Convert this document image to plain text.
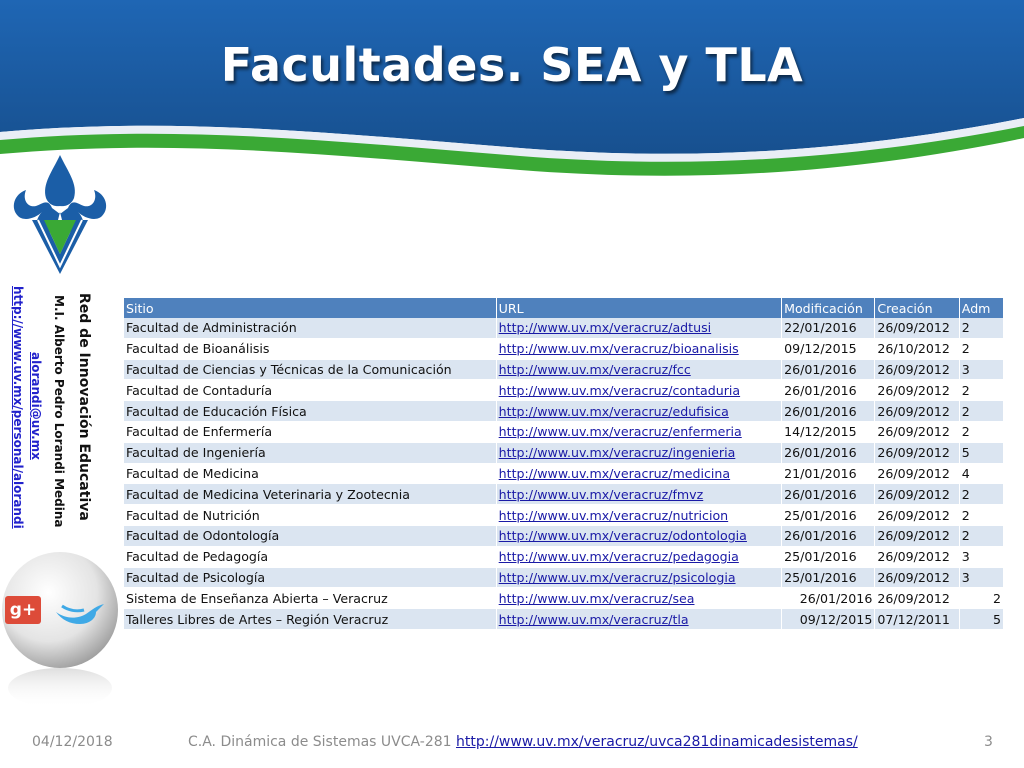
Facultades. SEA y TLA
Red de Innovación Educativa
M.I. Alberto Pedro Lorandi Medina
alorandi@uv.mx
http://www.uv.mx/personal/alorandi
g+
Sitio	URL	Modificación	Creación	Adm
Facultad de Administración	http://www.uv.mx/veracruz/adtusi	22/01/2016	26/09/2012	2
Facultad de Bioanálisis	http://www.uv.mx/veracruz/bioanalisis	09/12/2015	26/10/2012	2
Facultad de Ciencias y Técnicas de la Comunicación	http://www.uv.mx/veracruz/fcc	26/01/2016	26/09/2012	3
Facultad de Contaduría	http://www.uv.mx/veracruz/contaduria	26/01/2016	26/09/2012	2
Facultad de Educación Física	http://www.uv.mx/veracruz/edufisica	26/01/2016	26/09/2012	2
Facultad de Enfermería	http://www.uv.mx/veracruz/enfermeria	14/12/2015	26/09/2012	2
Facultad de Ingeniería	http://www.uv.mx/veracruz/ingenieria	26/01/2016	26/09/2012	5
Facultad de Medicina	http://www.uv.mx/veracruz/medicina	21/01/2016	26/09/2012	4
Facultad de Medicina Veterinaria y Zootecnia	http://www.uv.mx/veracruz/fmvz	26/01/2016	26/09/2012	2
Facultad de Nutrición	http://www.uv.mx/veracruz/nutricion	25/01/2016	26/09/2012	2
Facultad de Odontología	http://www.uv.mx/veracruz/odontologia	26/01/2016	26/09/2012	2
Facultad de Pedagogía	http://www.uv.mx/veracruz/pedagogia	25/01/2016	26/09/2012	3
Facultad de Psicología	http://www.uv.mx/veracruz/psicologia	25/01/2016	26/09/2012	3
Sistema de Enseñanza Abierta – Veracruz	http://www.uv.mx/veracruz/sea	26/01/2016	26/09/2012	2
Talleres Libres de Artes – Región Veracruz	http://www.uv.mx/veracruz/tla	09/12/2015	07/12/2011	5
04/12/2018	C.A. Dinámica de Sistemas UVCA-281 http://www.uv.mx/veracruz/uvca281dinamicadesistemas/	3
